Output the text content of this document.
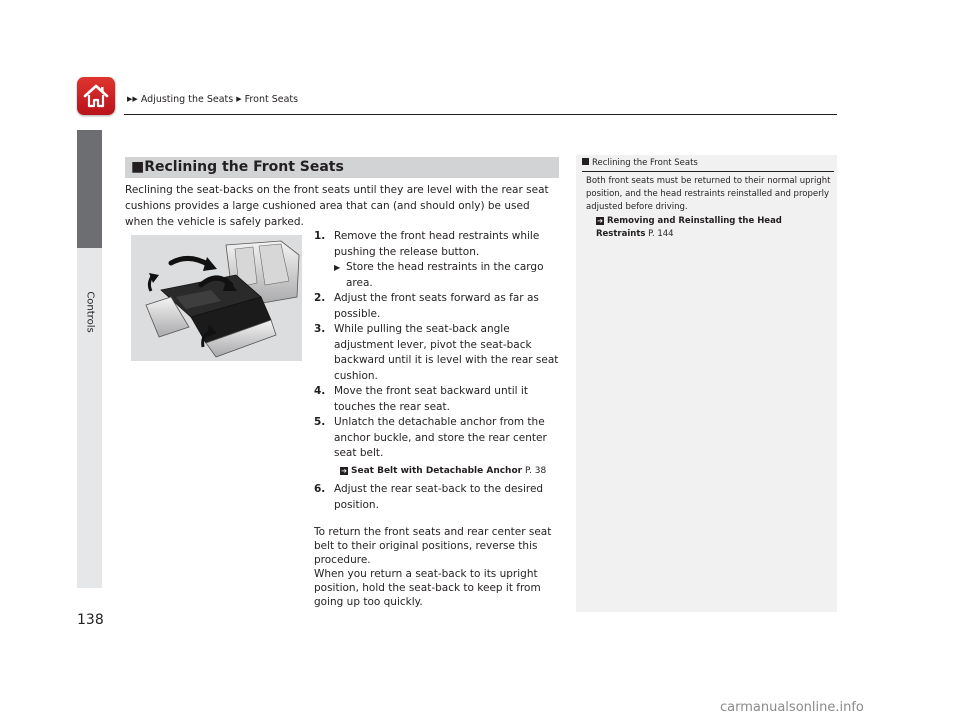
▶▶ Adjusting the Seats ▶ Front Seats
Controls
■Reclining the Front Seats

Reclining the seat-backs on the front seats until they are level with the rear seat cushions provides a large cushioned area that can (and should only) be used when the vehicle is safely parked.

1. Remove the front head restraints while pushing the release button.
▶ Store the head restraints in the cargo area.
2. Adjust the front seats forward as far as possible.
3. While pulling the seat-back angle adjustment lever, pivot the seat-back backward until it is level with the rear seat cushion.
4. Move the front seat backward until it touches the rear seat.
5. Unlatch the detachable anchor from the anchor buckle, and store the rear center seat belt.
➔ Seat Belt with Detachable Anchor P. 38
6. Adjust the rear seat-back to the desired position.
To return the front seats and rear center seat belt to their original positions, reverse this procedure.
When you return a seat-back to its upright position, hold the seat-back to keep it from going up too quickly.
Reclining the Front Seats

Both front seats must be returned to their normal upright position, and the head restraints reinstalled and properly adjusted before driving.

➔ Removing and Reinstalling the Head Restraints P. 144
138
carmanualsonline.info
